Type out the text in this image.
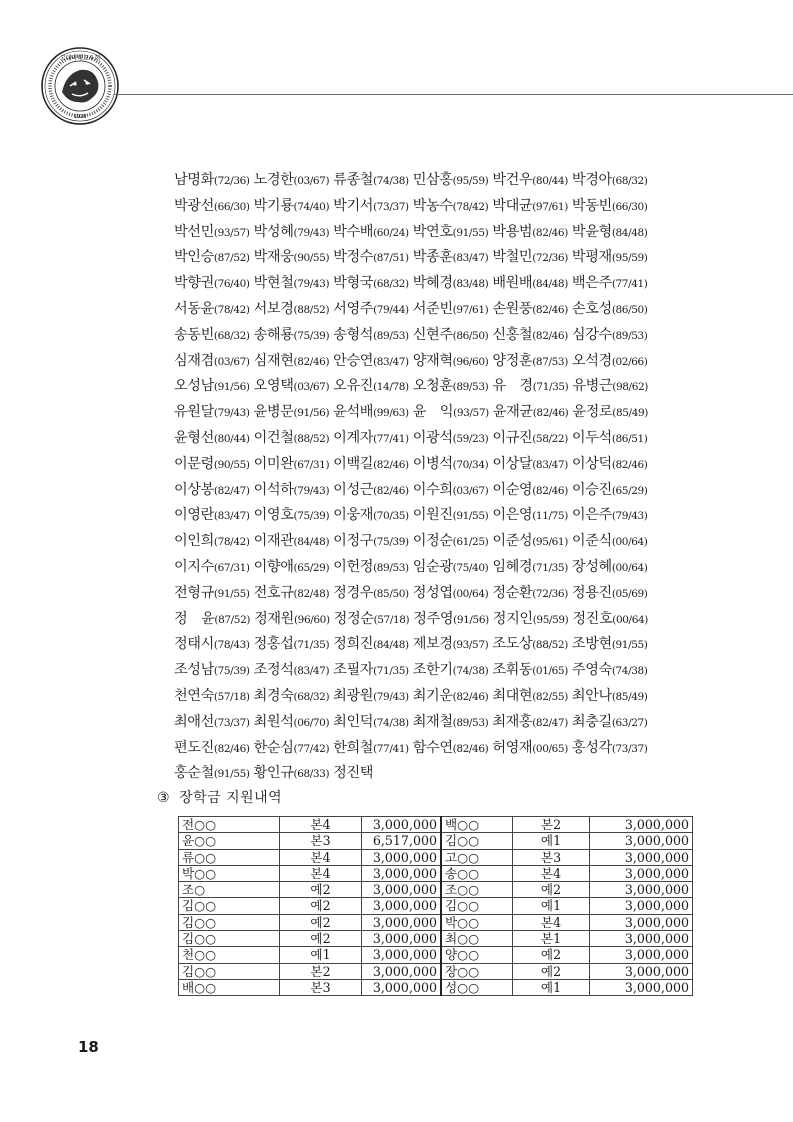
고대의대교우회
1928
남명화(72/36) 노경한(03/67) 류종철(74/38) 민삼홍(95/59) 박건우(80/44) 박경아(68/32)
박광선(66/30) 박기룡(74/40) 박기서(73/37) 박농수(78/42) 박대균(97/61) 박동빈(66/30)
박선민(93/57) 박성혜(79/43) 박수배(60/24) 박연호(91/55) 박용범(82/46) 박윤형(84/48)
박인승(87/52) 박재웅(90/55) 박정수(87/51) 박종훈(83/47) 박철민(72/36) 박평재(95/59)
박향권(76/40) 박현철(79/43) 박형국(68/32) 박혜경(83/48) 배원배(84/48) 백은주(77/41)
서동윤(78/42) 서보경(88/52) 서영주(79/44) 서준빈(97/61) 손원풍(82/46) 손호성(86/50)
송동빈(68/32) 송해룡(75/39) 송형석(89/53) 신현주(86/50) 신홍철(82/46) 심강수(89/53)
심재겸(03/67) 심재현(82/46) 안승연(83/47) 양재혁(96/60) 양정훈(87/53) 오석경(02/66)
오성남(91/56) 오영택(03/67) 오유진(14/78) 오청훈(89/53) 유　경(71/35) 유병근(98/62)
유원달(79/43) 윤병문(91/56) 윤석배(99/63) 윤　익(93/57) 윤재균(82/46) 윤정로(85/49)
윤형선(80/44) 이건철(88/52) 이계자(77/41) 이광석(59/23) 이규진(58/22) 이두석(86/51)
이문령(90/55) 이미완(67/31) 이백길(82/46) 이병석(70/34) 이상달(83/47) 이상덕(82/46)
이상봉(82/47) 이석하(79/43) 이성근(82/46) 이수희(03/67) 이순영(82/46) 이승진(65/29)
이영란(83/47) 이영호(75/39) 이웅재(70/35) 이원진(91/55) 이은영(11/75) 이은주(79/43)
이인희(78/42) 이재관(84/48) 이정구(75/39) 이정순(61/25) 이준성(95/61) 이준식(00/64)
이지수(67/31) 이향애(65/29) 이헌정(89/53) 임순광(75/40) 임혜경(71/35) 장성혜(00/64)
전형규(91/55) 전호규(82/48) 정경우(85/50) 정성엽(00/64) 정순환(72/36) 정용진(05/69)
정　윤(87/52) 정재원(96/60) 정정순(57/18) 정주영(91/56) 정지인(95/59) 정진호(00/64)
정태시(78/43) 정홍섭(71/35) 정희진(84/48) 제보경(93/57) 조도상(88/52) 조방현(91/55)
조성남(75/39) 조정석(83/47) 조필자(71/35) 조한기(74/38) 조휘동(01/65) 주영숙(74/38)
천연숙(57/18) 최경숙(68/32) 최광원(79/43) 최기운(82/46) 최대현(82/55) 최안나(85/49)
최애선(73/37) 최원석(06/70) 최인덕(74/38) 최재철(89/53) 최재홍(82/47) 최충길(63/27)
편도진(82/46) 한순심(77/42) 한희철(77/41) 함수연(82/46) 허영재(00/65) 홍성각(73/37)
홍순철(91/55) 황인규(68/33) 정진택
③ 장학금 지원내역
전○○	본4	3,000,000	백○○	본2	3,000,000
윤○○	본3	6,517,000	김○○	예1	3,000,000
류○○	본4	3,000,000	고○○	본3	3,000,000
박○○	본4	3,000,000	송○○	본4	3,000,000
조○	예2	3,000,000	조○○	예2	3,000,000
김○○	예2	3,000,000	김○○	예1	3,000,000
김○○	예2	3,000,000	박○○	본4	3,000,000
김○○	예2	3,000,000	최○○	본1	3,000,000
천○○	예1	3,000,000	양○○	예2	3,000,000
김○○	본2	3,000,000	장○○	예2	3,000,000
배○○	본3	3,000,000	성○○	예1	3,000,000
18
